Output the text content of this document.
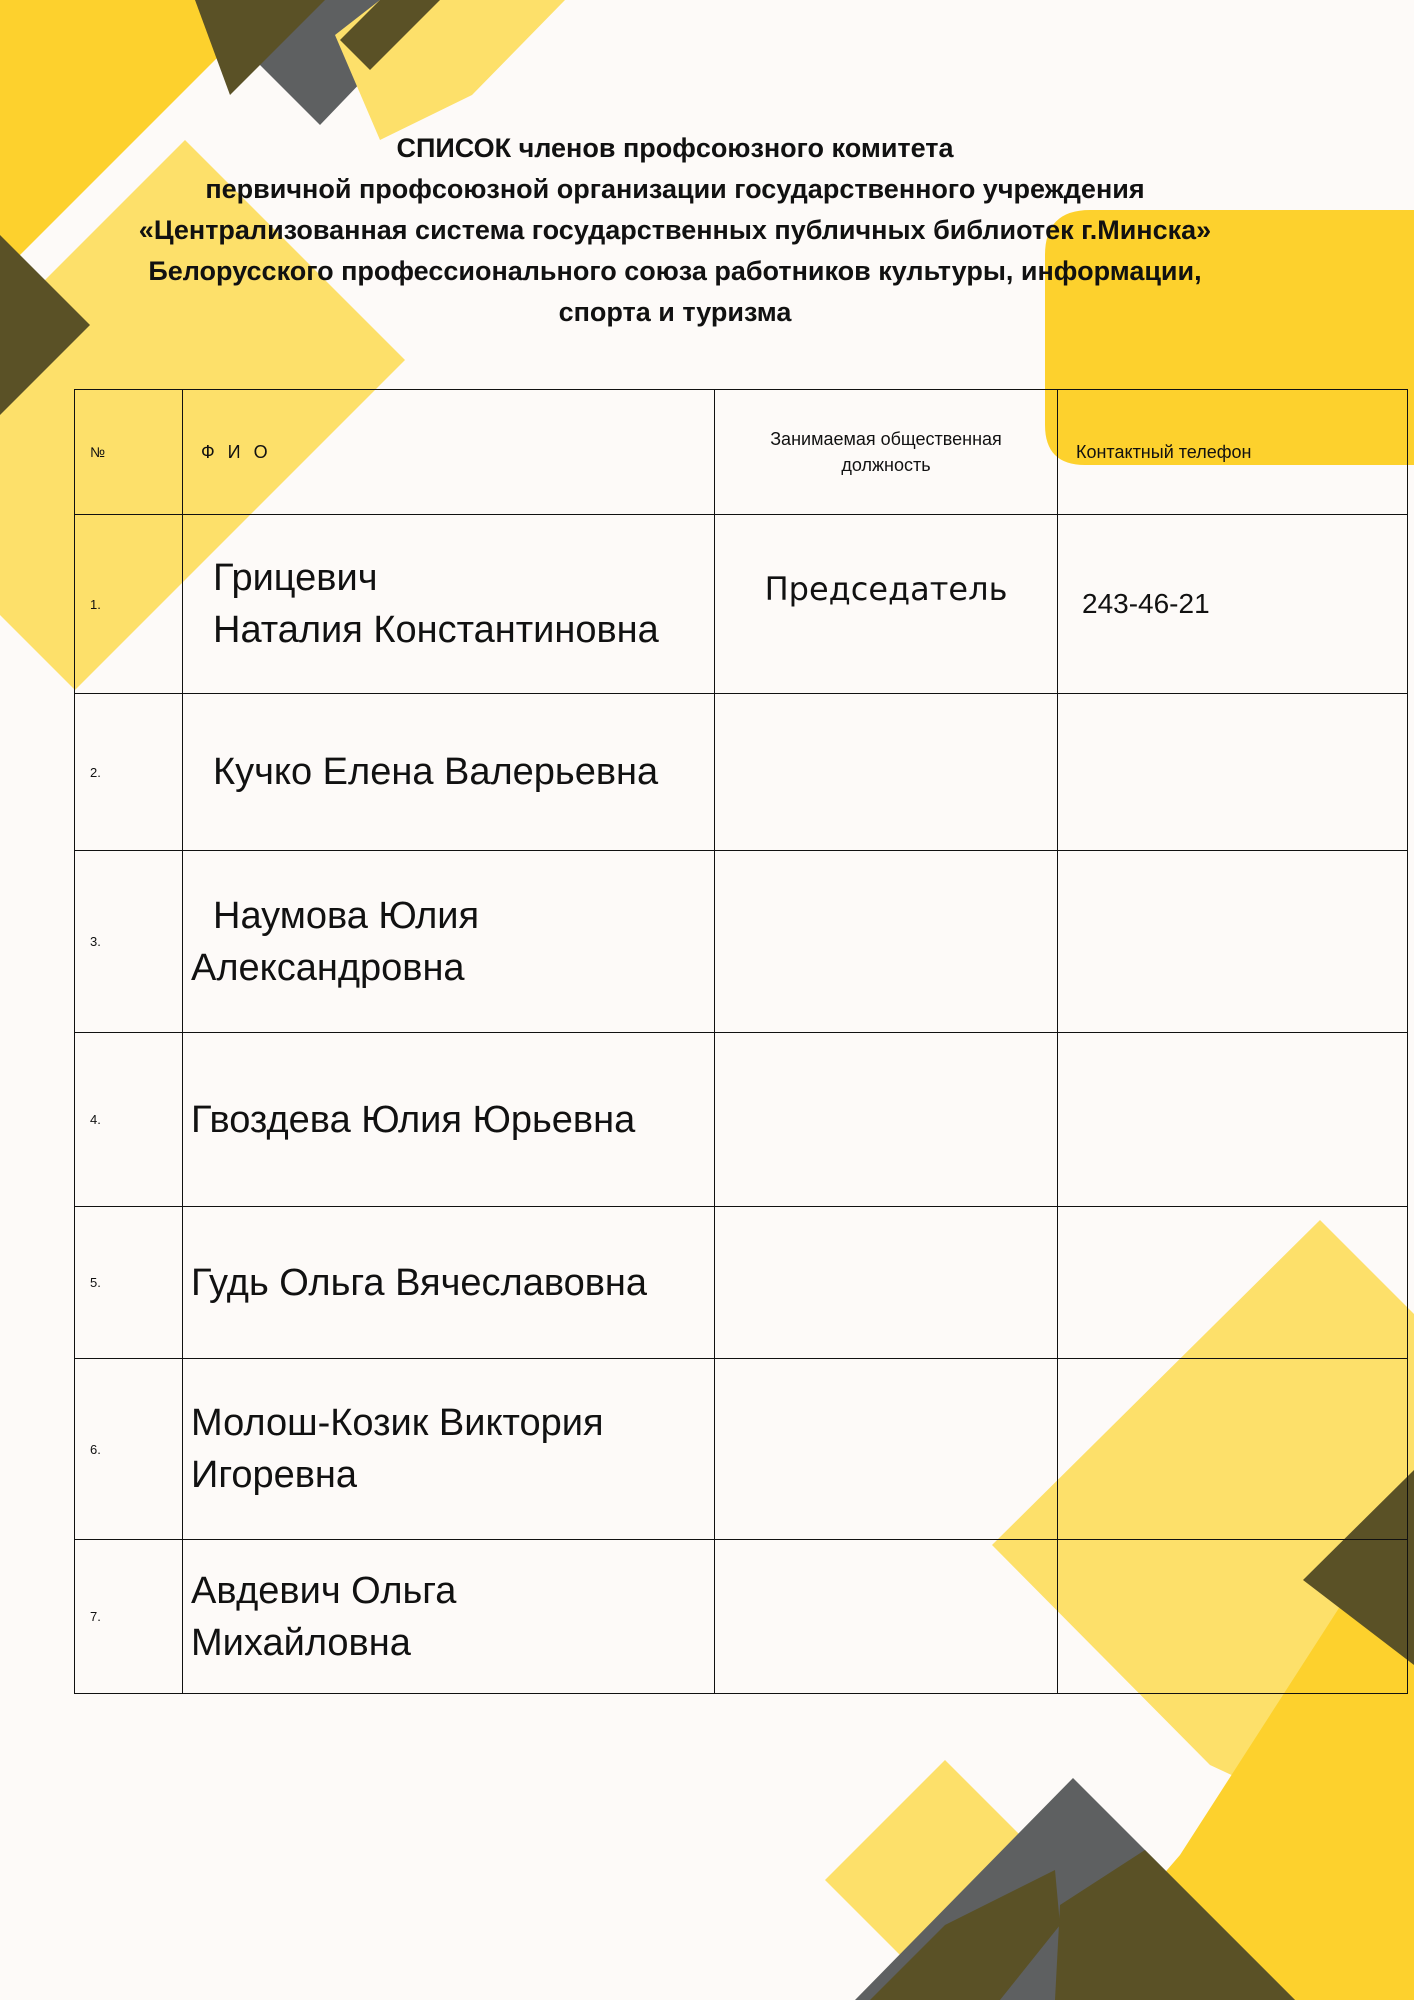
СПИСОК членов профсоюзного комитета
первичной профсоюзной организации государственного учреждения
«Централизованная система государственных публичных библиотек г.Минска»
Белорусского профессионального союза работников культуры, информации,
спорта и туризма
№	Ф И О	Занимаемая общественная должность	Контактный телефон
1.	Грицевич
Наталия Константиновна	Председатель	243-46-21

2.	Кучко Елена Валерьевна		

3.	Наумова Юлия
Александровна		

4.	Гвоздева Юлия Юрьевна		

5.	Гудь Ольга Вячеславовна		

6.	Молош-Козик Виктория
Игоревна		

7.	Авдевич Ольга
Михайловна		
